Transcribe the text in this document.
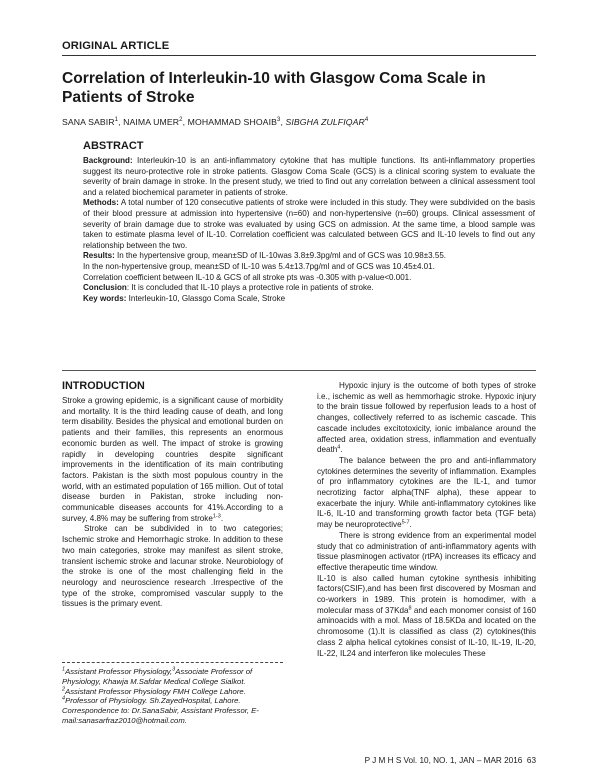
ORIGINAL ARTICLE
Correlation of Interleukin-10 with Glasgow Coma Scale in Patients of Stroke
SANA SABIR$^1$, NAIMA UMER$^2$, MOHAMMAD SHOAIB$^3$, SIBGHA ZULFIQAR$^4$
ABSTRACT

Background: Interleukin-10 is an anti-inflammatory cytokine that has multiple functions. Its anti-inflammatory properties suggest its neuro-protective role in stroke patients. Glasgow Coma Scale (GCS) is a clinical scoring system to evaluate the severity of brain damage in stroke. In the present study, we tried to find out any correlation between a clinical assessment tool and a related biochemical parameter in patients of stroke.

Methods: A total number of 120 consecutive patients of stroke were included in this study. They were subdivided on the basis of their blood pressure at admission into hypertensive (n=60) and non-hypertensive (n=60) groups. Clinical assessment of severity of brain damage due to stroke was evaluated by using GCS on admission. At the same time, a blood sample was taken to estimate plasma level of IL-10. Correlation coefficient was calculated between GCS and IL-10 levels to find out any relationship between the two.

Results: In the hypertensive group, mean±SD of IL-10was 3.8±9.3pg/ml and of GCS was 10.98±3.55.

In the non-hypertensive group, mean±SD of IL-10 was 5.4±13.7pg/ml and of GCS was 10.45±4.01.

Correlation coefficient between IL-10 & GCS of all stroke pts was -0.305 with p-value<0.001.

Conclusion: It is concluded that IL-10 plays a protective role in patients of stroke.

Key words: Interleukin-10, Glassgo Coma Scale, Stroke

INTRODUCTION

Stroke a growing epidemic, is a significant cause of morbidity and mortality. It is the third leading cause of death, and long term disability. Besides the physical and emotional burden on patients and their families, this represents an enormous economic burden as well. The impact of stroke is growing rapidly in developing countries despite significant improvements in the identification of its main contributing factors. Pakistan is the sixth most populous country in the world, with an estimated population of 165 million. Out of total disease burden in Pakistan, stroke including non-communicable diseases accounts for 41%.According to a survey, 4.8% may be suffering from stroke$^{1-3}$.

Stroke can be subdivided in to two categories; Ischemic stroke and Hemorrhagic stroke. In addition to these two main categories, stroke may manifest as silent stroke, transient ischemic stroke and lacunar stroke. Neurobiology of the stroke is one of the most challenging field in the neurology and neuroscience research .Irrespective of the type of the stroke, compromised vascular supply to the tissues is the primary event.

$^1$Assistant Professor Physiology,$^3$Associate Professor of Physiology, Khawja M.Safdar Medical College Sialkot.

$^2$Assistant Professor Physiology FMH College Lahore.

$^4$Professor of Physiology. Sh.ZayedHospital, Lahore.

Correspondence to: Dr.SanaSabir, Assistant Professor, E-mail:sanasarfraz2010@hotmail.com.

Hypoxic injury is the outcome of both types of stroke i.e., ischemic as well as hemmorhagic stroke. Hypoxic injury to the brain tissue followed by reperfusion leads to a host of changes, collectively referred to as ischemic cascade. This cascade includes excitotoxicity, ionic imbalance around the affected area, oxidation stress, inflammation and eventually death$^4$.

The balance between the pro and anti-inflammatory cytokines determines the severity of inflammation. Examples of pro inflammatory cytokines are the IL-1, and tumor necrotizing factor alpha(TNF alpha), these appear to exacerbate the injury. While anti-inflammatory cytokines like IL-6, IL-10 and transforming growth factor beta (TGF beta) may be neuroprotective$^{5-7}$.

There is strong evidence from an experimental model study that co administration of anti-inflammatory agents with tissue plasminogen activator (rtPA) increases its efficacy and effective therapeutic time window.

IL-10 is also called human cytokine synthesis inhibiting factors(CSIF),and has been first discovered by Mosman and co-workers in 1989. This protein is homodimer, with a molecular mass of 37Kda$^8$ and each monomer consist of 160 aminoacids with a mol. Mass of 18.5KDa and located on the chromosome (1).It is classified as class (2) cytokines(this class 2 alpha helical cytokines consist of IL-10, IL-19, IL-20, IL-22, IL24 and interferon like molecules These

P J M H S Vol. 10, NO. 1, JAN – MAR 2016 63
